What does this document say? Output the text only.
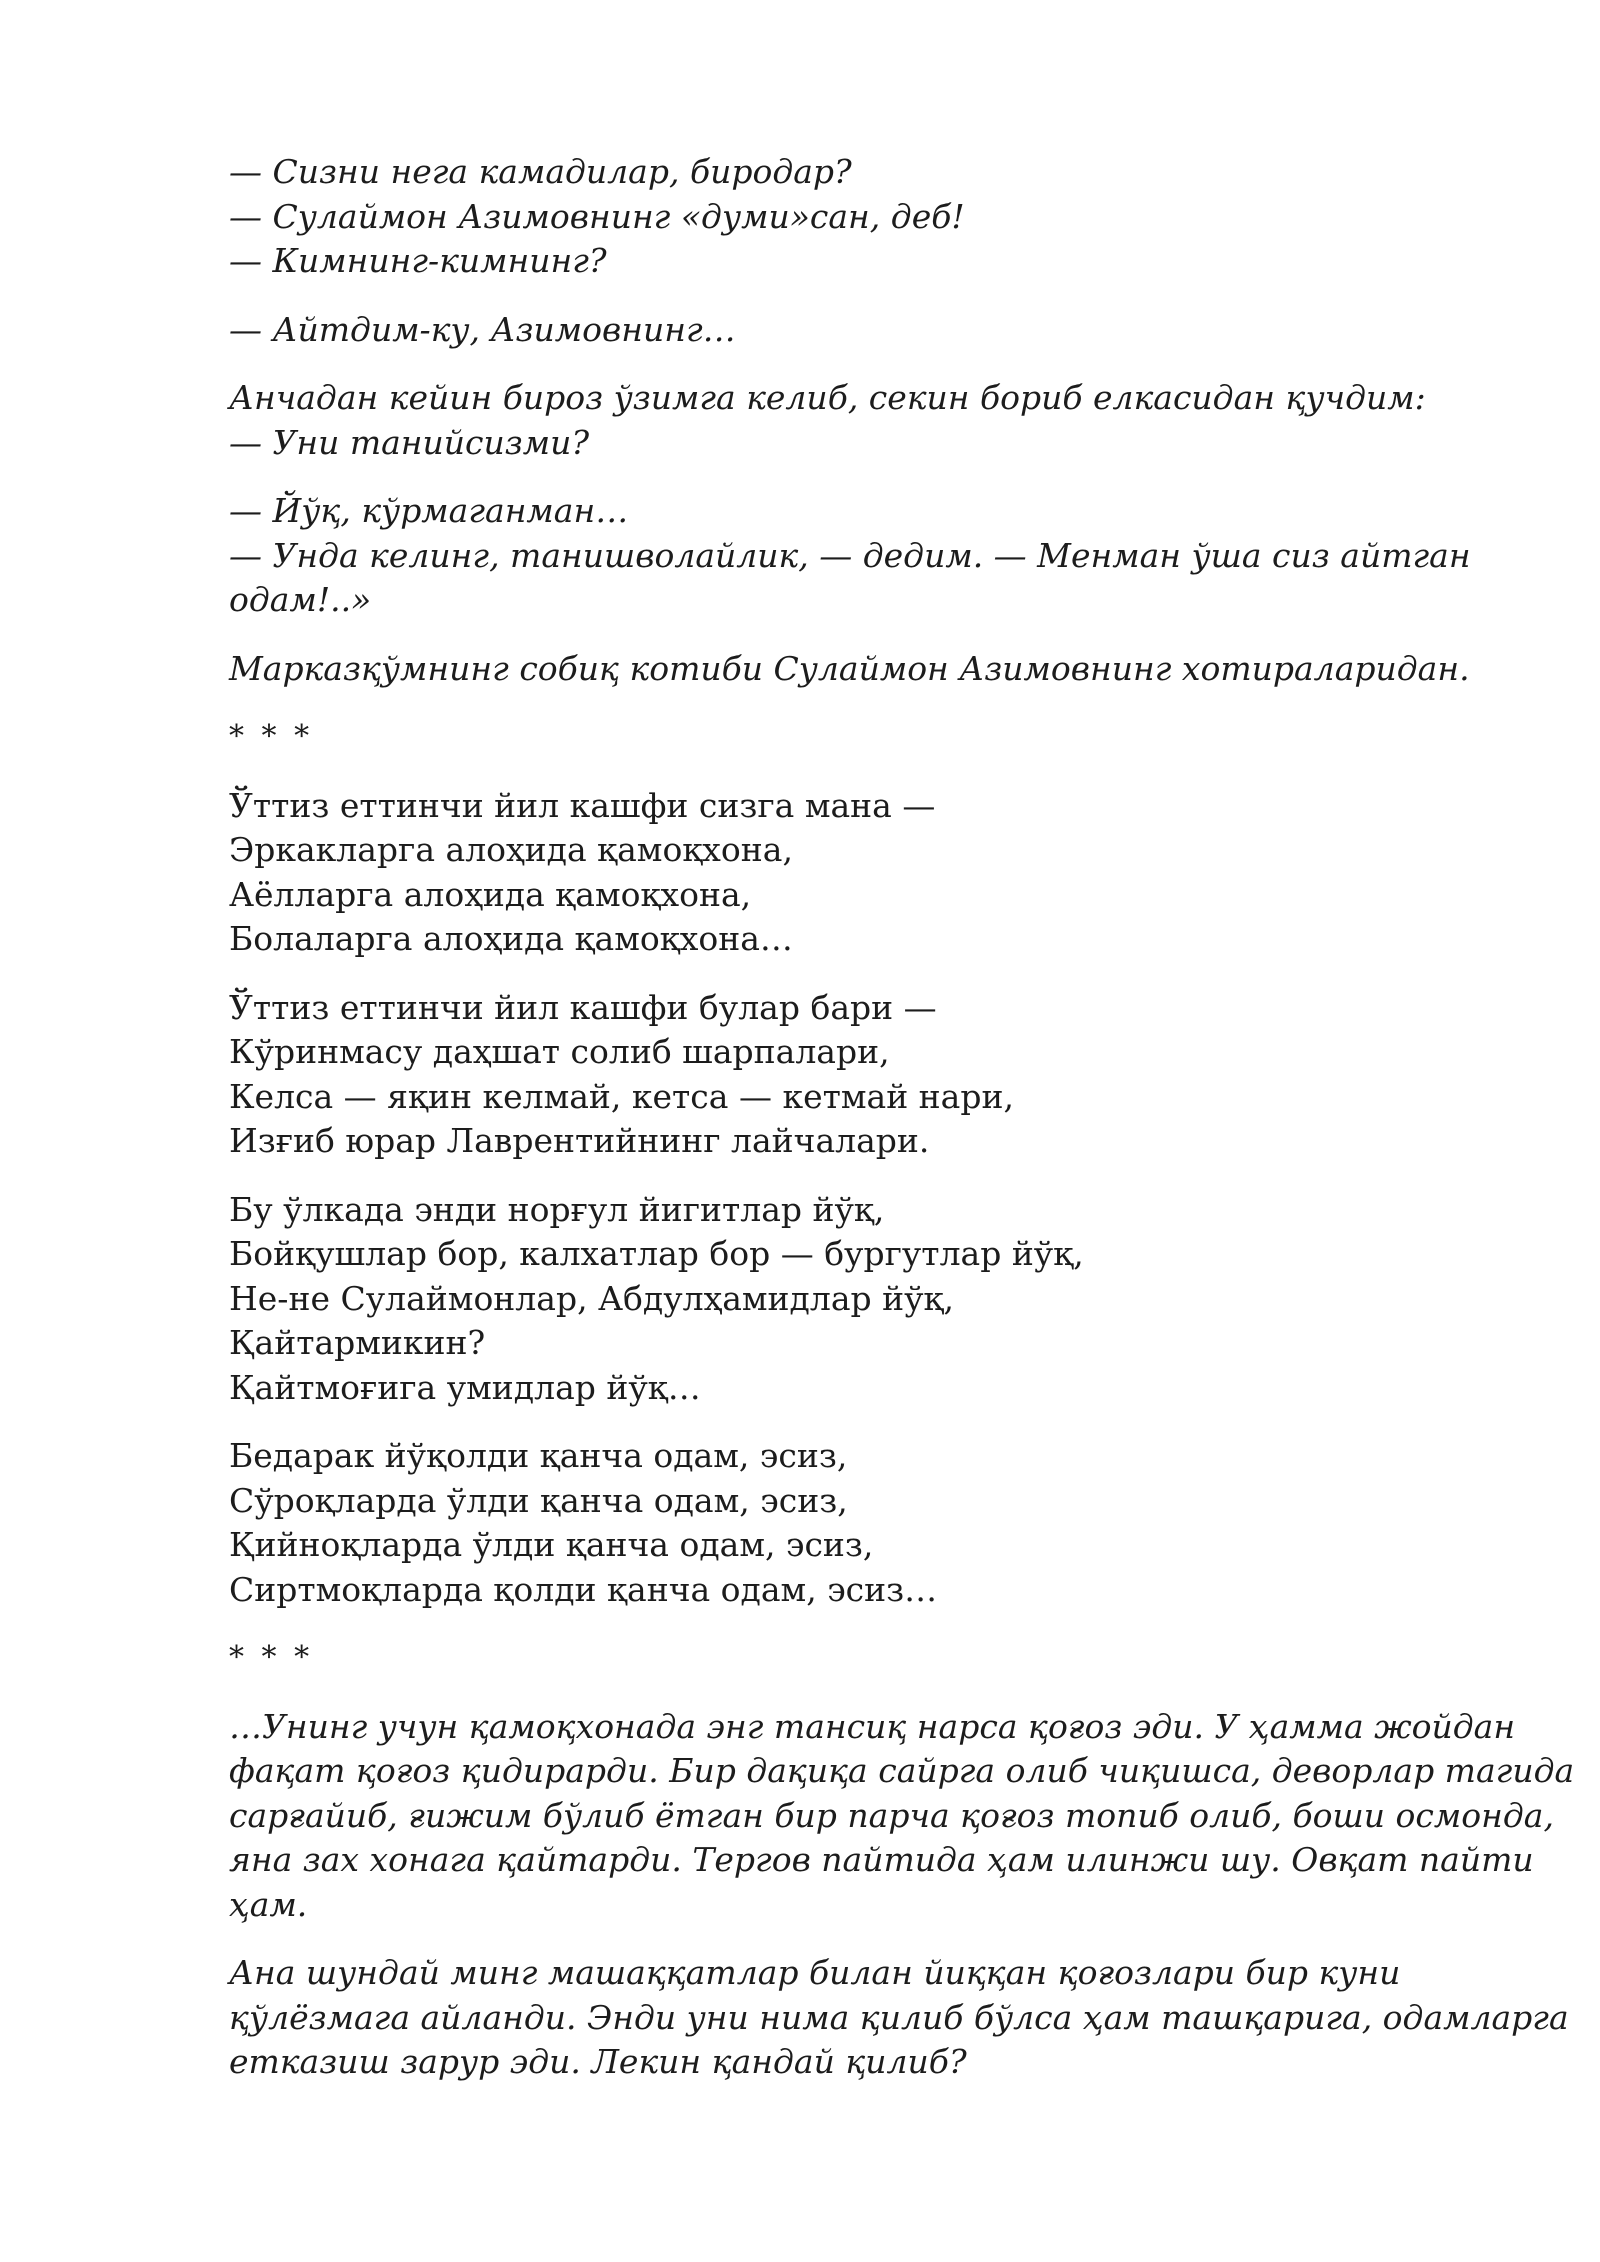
— Сизни нега камадилар, биродар?
— Сулаймон Азимовнинг «думи»сан, деб!
— Кимнинг-кимнинг?
— Айтдим-ку, Азимовнинг…
Анчадан кейин бироз ўзимга келиб, секин бориб елкасидан қучдим:
— Уни танийсизми?
— Йўқ, кўрмаганман…
— Унда келинг, танишволайлик, — дедим. — Менман ўша сиз айтган
одам!..»
Марказқўмнинг собиқ котиби Сулаймон Азимовнинг хотираларидан.
* * *
Ўттиз еттинчи йил кашфи сизга мана —
Эркакларга алоҳида қамоқхона,
Аёлларга алоҳида қамоқхона,
Болаларга алоҳида қамоқхона…
Ўттиз еттинчи йил кашфи булар бари —
Кўринмасу даҳшат солиб шарпалари,
Келса — яқин келмай, кетса — кетмай нари,
Изғиб юрар Лаврентийнинг лайчалари.
Бу ўлкада энди норғул йигитлар йўқ,
Бойқушлар бор, калхатлар бор — бургутлар йўқ,
Не-не Сулаймонлар, Абдулҳамидлар йўқ,
Қайтармикин?
Қайтмоғига умидлар йўқ…
Бедарак йўқолди қанча одам, эсиз,
Сўроқларда ўлди қанча одам, эсиз,
Қийноқларда ўлди қанча одам, эсиз,
Сиртмоқларда қолди қанча одам, эсиз…
* * *
…Унинг учун қамоқхонада энг тансиқ нарса қоғоз эди. У ҳамма жойдан
фақат қоғоз қидирарди. Бир дақиқа сайрга олиб чиқишса, деворлар тагида
сарғайиб, ғижим бўлиб ётган бир парча қоғоз топиб олиб, боши осмонда,
яна зах хонага қайтарди. Тергов пайтида ҳам илинжи шу. Овқат пайти
ҳам.
Ана шундай минг машаққатлар билан йиққан қоғозлари бир куни
қўлёзмага айланди. Энди уни нима қилиб бўлса ҳам ташқарига, одамларга
етказиш зарур эди. Лекин қандай қилиб?
